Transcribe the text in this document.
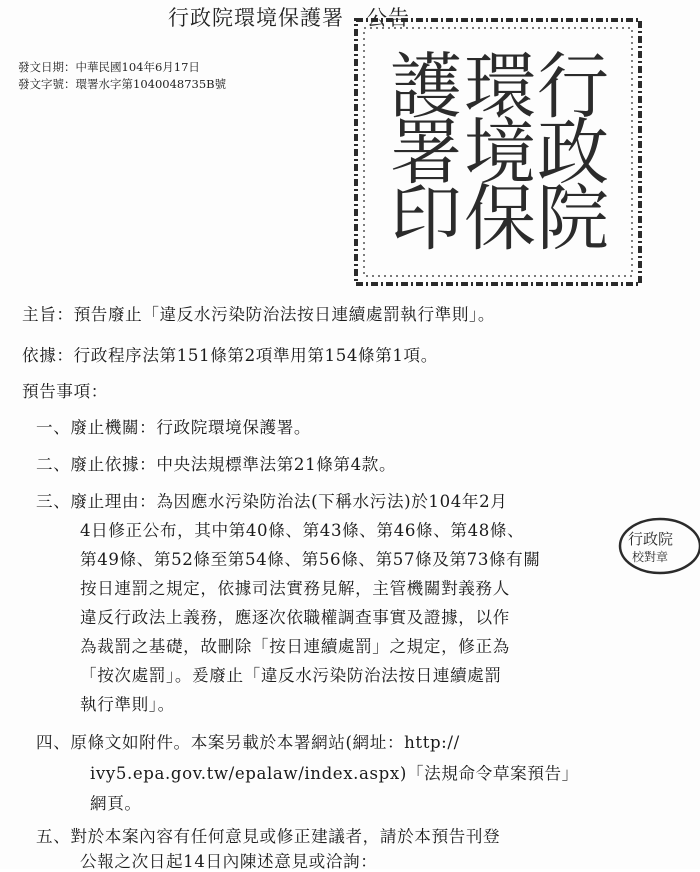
行政院環境保護署　公告
發文日期：中華民國104年6月17日
發文字號：環署水字第1040048735B號	行政院
環境保
護署印
行政院
校對章
主旨：預告廢止「違反水污染防治法按日連續處罰執行準則」。
依據：行政程序法第151條第2項準用第154條第1項。
預告事項：
一、廢止機關：行政院環境保護署。
二、廢止依據：中央法規標準法第21條第4款。
三、廢止理由：為因應水污染防治法(下稱水污法)於104年2月
4日修正公布，其中第40條、第43條、第46條、第48條、
第49條、第52條至第54條、第56條、第57條及第73條有關
按日連罰之規定，依據司法實務見解，主管機關對義務人
違反行政法上義務，應逐次依職權調查事實及證據，以作
為裁罰之基礎，故刪除「按日連續處罰」之規定，修正為
「按次處罰」。爰廢止「違反水污染防治法按日連續處罰
執行準則」。
四、原條文如附件。本案另載於本署網站(網址：http://
ivy5.epa.gov.tw/epalaw/index.aspx)「法規命令草案預告」
網頁。
五、對於本案內容有任何意見或修正建議者，請於本預告刊登
公報之次日起14日內陳述意見或洽詢：
